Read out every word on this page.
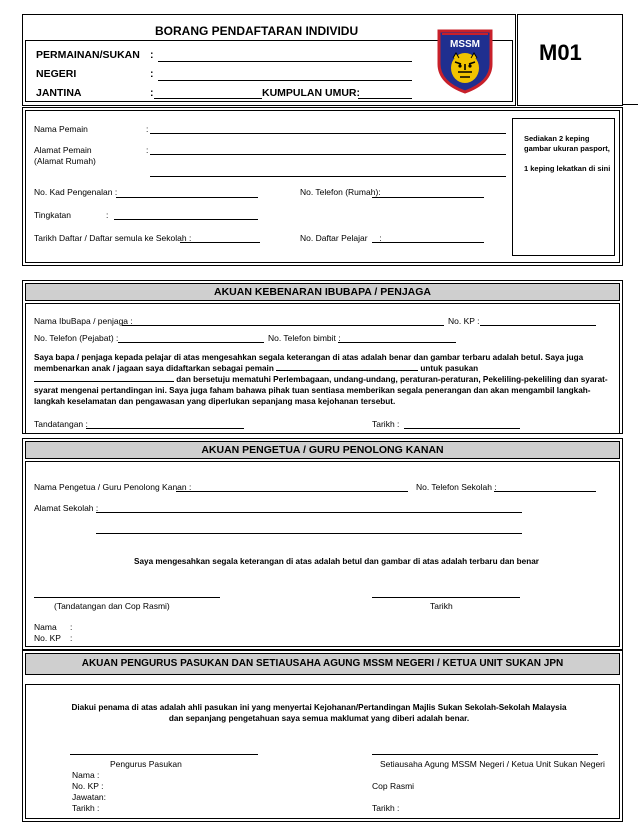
BORANG PENDAFTARAN INDIVIDU
PERMAINAN/SUKAN :
NEGERI	:
JANTINA	:	KUMPULAN UMUR:
MSSM	M01
Nama Pemain	:
Alamat Pemain
(Alamat Rumah)
:
No. Kad Pengenalan :	No. Telefon (Rumah):
Tingkatan	:
Tarikh Daftar / Daftar semula ke Sekolah :	No. Daftar Pelajar     :
Sediakan 2 keping gambar ukuran pasport,
1 keping lekatkan di sini
AKUAN KEBENARAN IBUBAPA / PENJAGA
Nama IbuBapa / penjaga :	No. KP :
No. Telefon (Pejabat) :	No. Telefon bimbit :
Saya bapa / penjaga kepada pelajar di atas mengesahkan segala keterangan di atas adalah benar dan gambar terbaru adalah betul. Saya juga membenarkan anak / jagaan saya didaftarkan sebagai pemain	untuk pasukan  dan bersetuju mematuhi Perlembagaan, undang-undang, peraturan-peraturan, Pekeliling-pekeliling dan syarat-syarat mengenai pertandingan ini. Saya juga faham bahawa pihak tuan sentiasa memberikan segala penerangan dan akan mengambil langkah-langkah keselamatan dan pengawasan yang diperlukan sepanjang masa kejohanan tersebut.
Tandatangan :	Tarikh :
AKUAN PENGETUA / GURU PENOLONG KANAN
Nama Pengetua / Guru Penolong Kanan :	No. Telefon Sekolah :
Alamat Sekolah :
Saya mengesahkan segala keterangan di atas adalah betul dan gambar di atas adalah terbaru dan benar
(Tandatangan dan Cop Rasmi)	Tarikh
Nama :
No. KP :
AKUAN PENGURUS PASUKAN DAN SETIAUSAHA AGUNG MSSM NEGERI / KETUA UNIT SUKAN JPN
Diakui penama di atas adalah ahli pasukan ini yang menyertai Kejohanan/Pertandingan Majlis Sukan Sekolah-Sekolah Malaysia
dan sepanjang pengetahuan saya semua maklumat yang diberi adalah benar.
Pengurus Pasukan
Nama :
No. KP :
Jawatan:
Tarikh :
Setiausaha Agung MSSM Negeri / Ketua Unit Sukan Negeri
Cop Rasmi
Tarikh :
